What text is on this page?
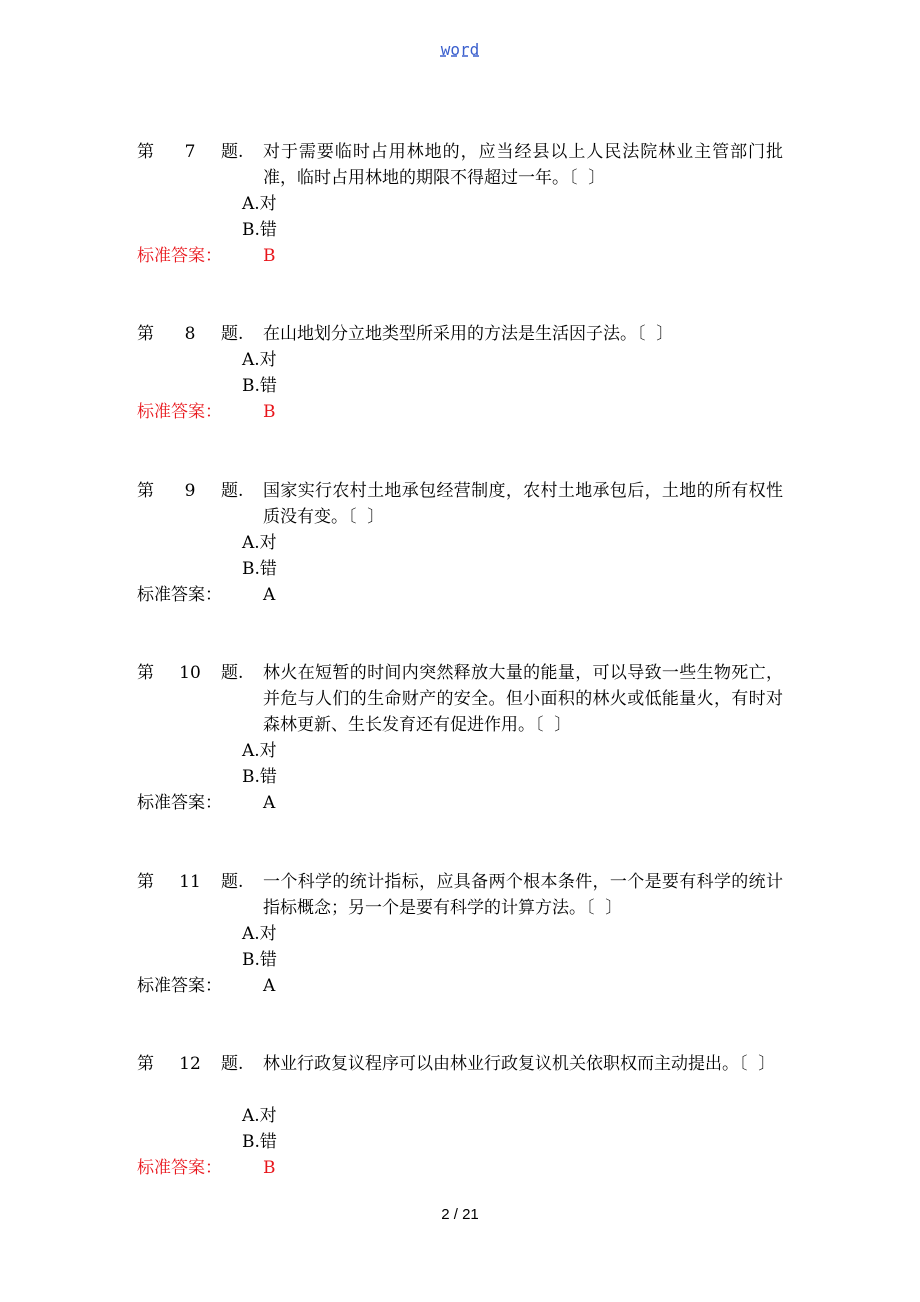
word
第	7	题. 对于需要临时占用林地的，应当经县以上人民法院林业主管部门批准，临时占用林地的期限不得超过一年。〔  〕
A.对
B.错
标准答案： B
第	8	题. 在山地划分立地类型所采用的方法是生活因子法。〔  〕
A.对
B.错
标准答案： B
第	9	题. 国家实行农村土地承包经营制度，农村土地承包后，土地的所有权性质没有变。〔  〕
A.对
B.错
标准答案： A
第	10	题. 林火在短暂的时间内突然释放大量的能量，可以导致一些生物死亡，并危与人们的生命财产的安全。但小面积的林火或低能量火，有时对森林更新、生长发育还有促进作用。〔  〕
A.对
B.错
标准答案： A
第	11	题. 一个科学的统计指标，应具备两个根本条件，一个是要有科学的统计指标概念；另一个是要有科学的计算方法。〔  〕
A.对
B.错
标准答案： A
第	12	题. 林业行政复议程序可以由林业行政复议机关依职权而主动提出。〔  〕
A.对
B.错
标准答案： B
2 / 21
